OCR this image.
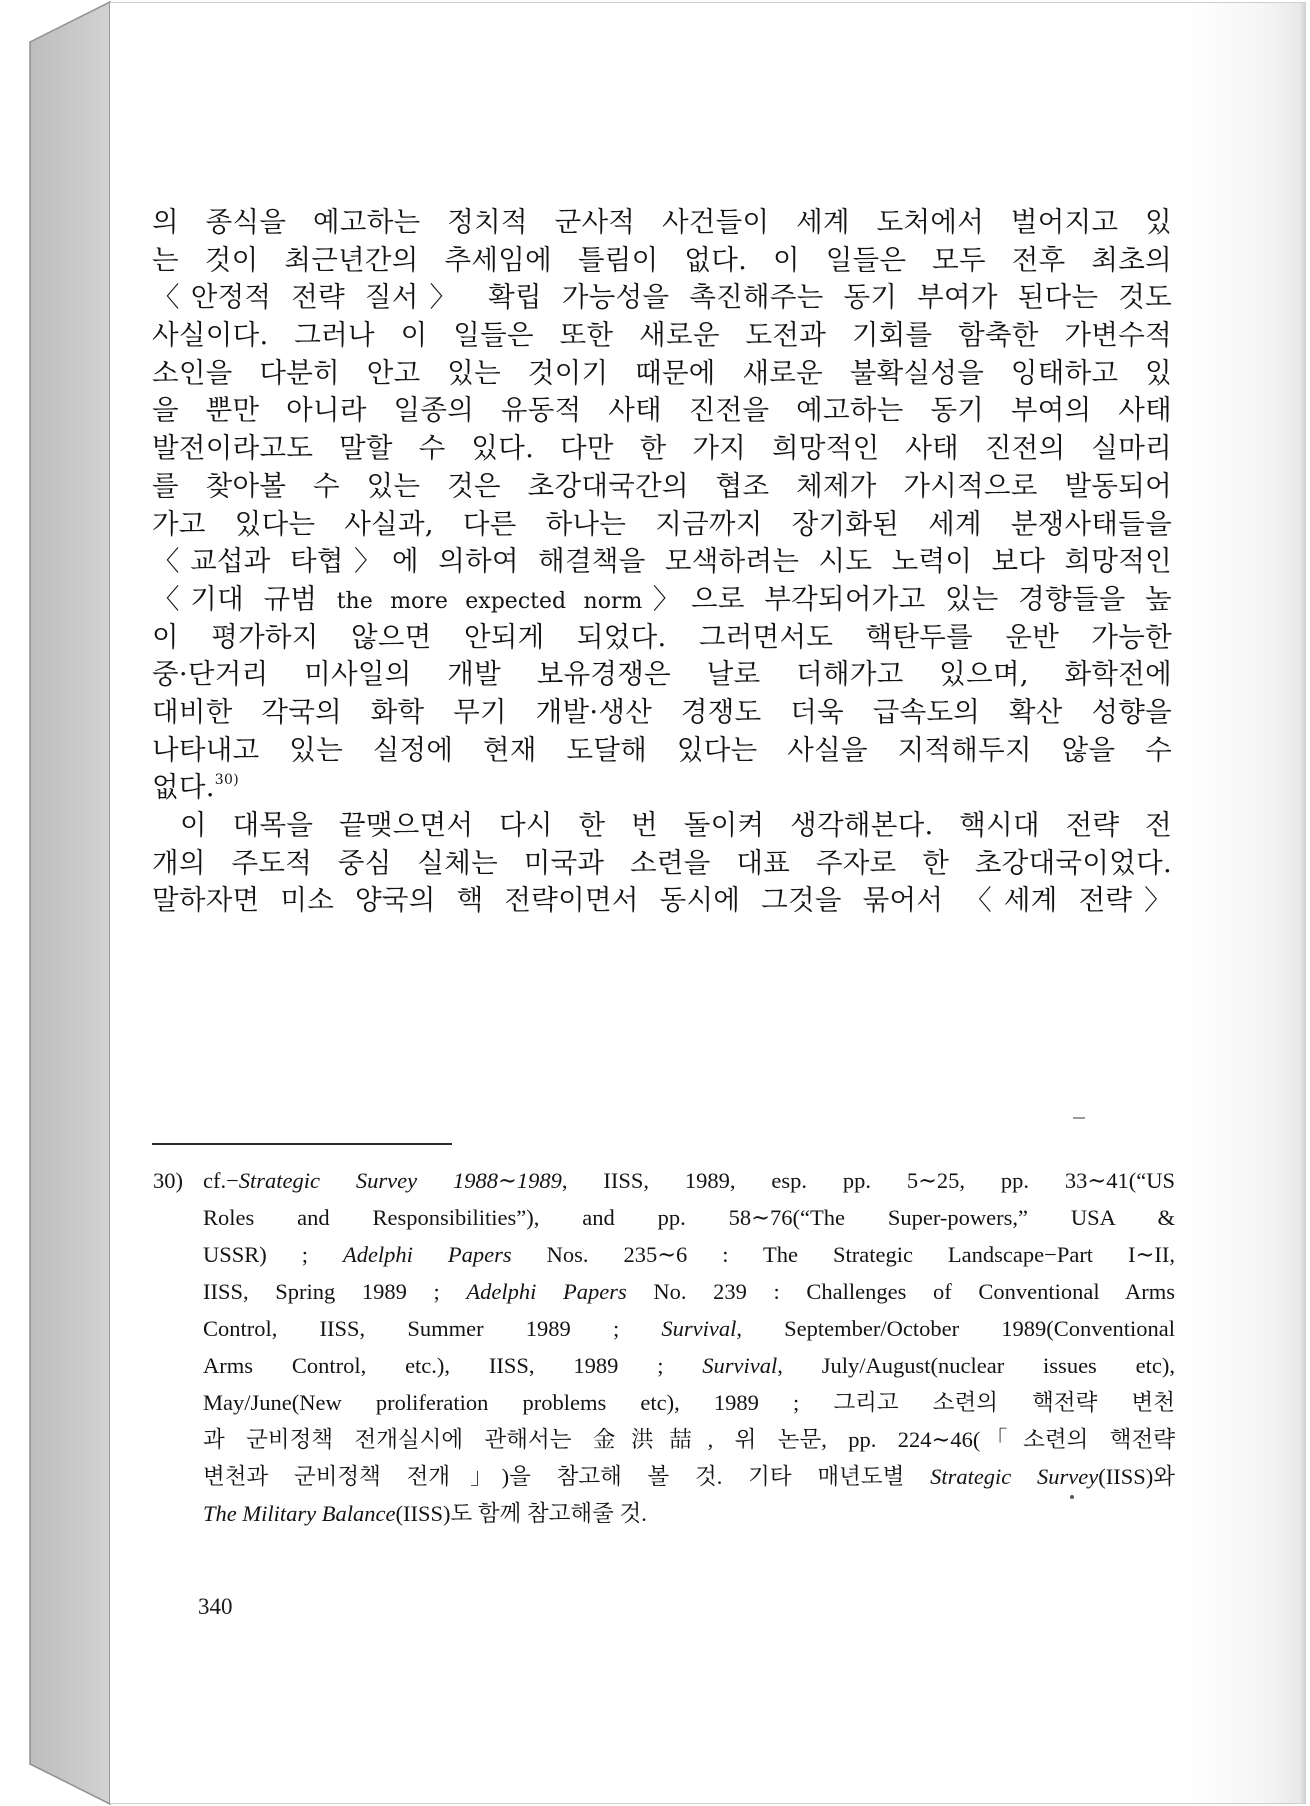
의 종식을 예고하는 정치적 군사적 사건들이 세계 도처에서 벌어지고 있
는 것이 최근년간의 추세임에 틀림이 없다. 이 일들은 모두 전후 최초의
〈안정적 전략 질서〉 확립 가능성을 촉진해주는 동기 부여가 된다는 것도
사실이다. 그러나 이 일들은 또한 새로운 도전과 기회를 함축한 가변수적
소인을 다분히 안고 있는 것이기 때문에 새로운 불확실성을 잉태하고 있
을 뿐만 아니라 일종의 유동적 사태 진전을 예고하는 동기 부여의 사태
발전이라고도 말할 수 있다. 다만 한 가지 희망적인 사태 진전의 실마리
를 찾아볼 수 있는 것은 초강대국간의 협조 체제가 가시적으로 발동되어
가고 있다는 사실과, 다른 하나는 지금까지 장기화된 세계 분쟁사태들을
〈교섭과 타협〉에 의하여 해결책을 모색하려는 시도 노력이 보다 희망적인
〈기대 규범 the more expected norm〉으로 부각되어가고 있는 경향들을 높
이 평가하지 않으면 안되게 되었다. 그러면서도 핵탄두를 운반 가능한
중·단거리 미사일의 개발 보유경쟁은 날로 더해가고 있으며, 화학전에
대비한 각국의 화학 무기 개발·생산 경쟁도 더욱 급속도의 확산 성향을
나타내고 있는 실정에 현재 도달해 있다는 사실을 지적해두지 않을 수
없다.$^{30)}$
이 대목을 끝맺으면서 다시 한 번 돌이켜 생각해본다. 핵시대 전략 전
개의 주도적 중심 실체는 미국과 소련을 대표 주자로 한 초강대국이었다.
말하자면 미소 양국의 핵 전략이면서 동시에 그것을 묶어서 〈세계 전략〉
30) cf.−Strategic Survey 1988∼1989, IISS, 1989, esp. pp. 5∼25, pp. 33∼41(“US
Roles and Responsibilities”), and pp. 58∼76(“The Super-powers,” USA &
USSR) ; Adelphi Papers Nos. 235∼6 : The Strategic Landscape−Part I∼II,
IISS, Spring 1989 ; Adelphi Papers No. 239 : Challenges of Conventional Arms
Control, IISS, Summer 1989 ; Survival, September/October 1989(Conventional
Arms Control, etc.), IISS, 1989 ; Survival, July/August(nuclear issues etc),
May/June(New proliferation problems etc), 1989 ; 그리고 소련의 핵전략 변천
과 군비정책 전개실시에 관해서는 金洪喆, 위 논문, pp. 224∼46(「소련의 핵전략
변천과 군비정책 전개」)을 참고해 볼 것. 기타 매년도별 Strategic Survey(IISS)와
The Military Balance(IISS)도 함께 참고해줄 것.
340
